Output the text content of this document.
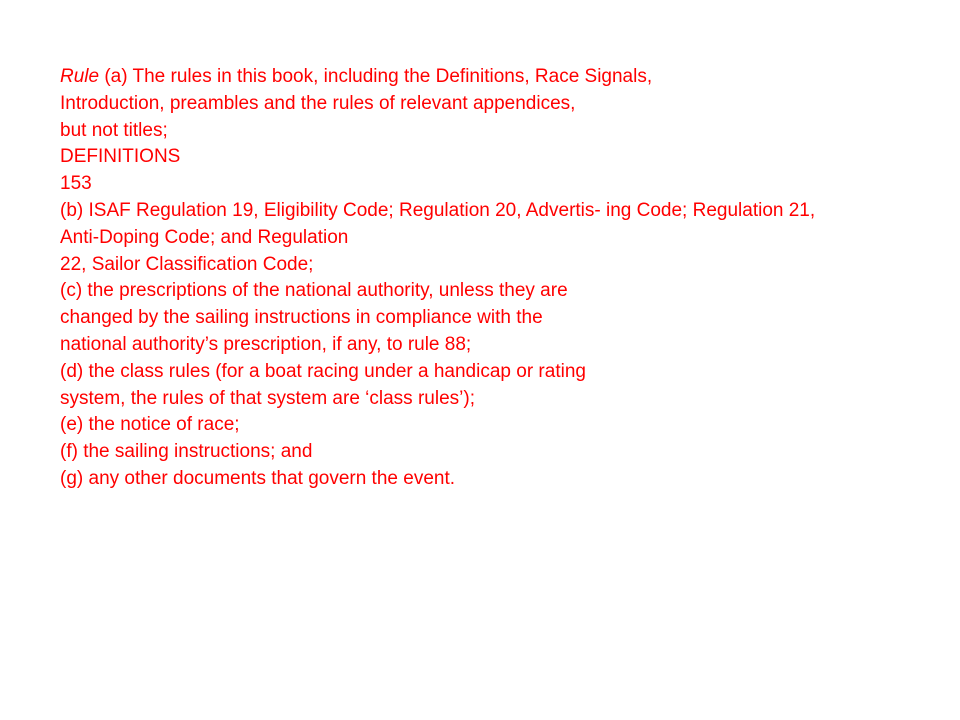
Rule (a) The rules in this book, including the Definitions, Race Signals,
Introduction, preambles and the rules of relevant appendices,
but not titles;
DEFINITIONS
153
(b) ISAF Regulation 19, Eligibility Code; Regulation 20, Advertis- ing Code; Regulation 21,
Anti-Doping Code; and Regulation
22, Sailor Classification Code;
(c) the prescriptions of the national authority, unless they are
changed by the sailing instructions in compliance with the
national authority’s prescription, if any, to rule 88;
(d) the class rules (for a boat racing under a handicap or rating
system, the rules of that system are ‘class rules’);
(e) the notice of race;
(f) the sailing instructions; and
(g) any other documents that govern the event.
